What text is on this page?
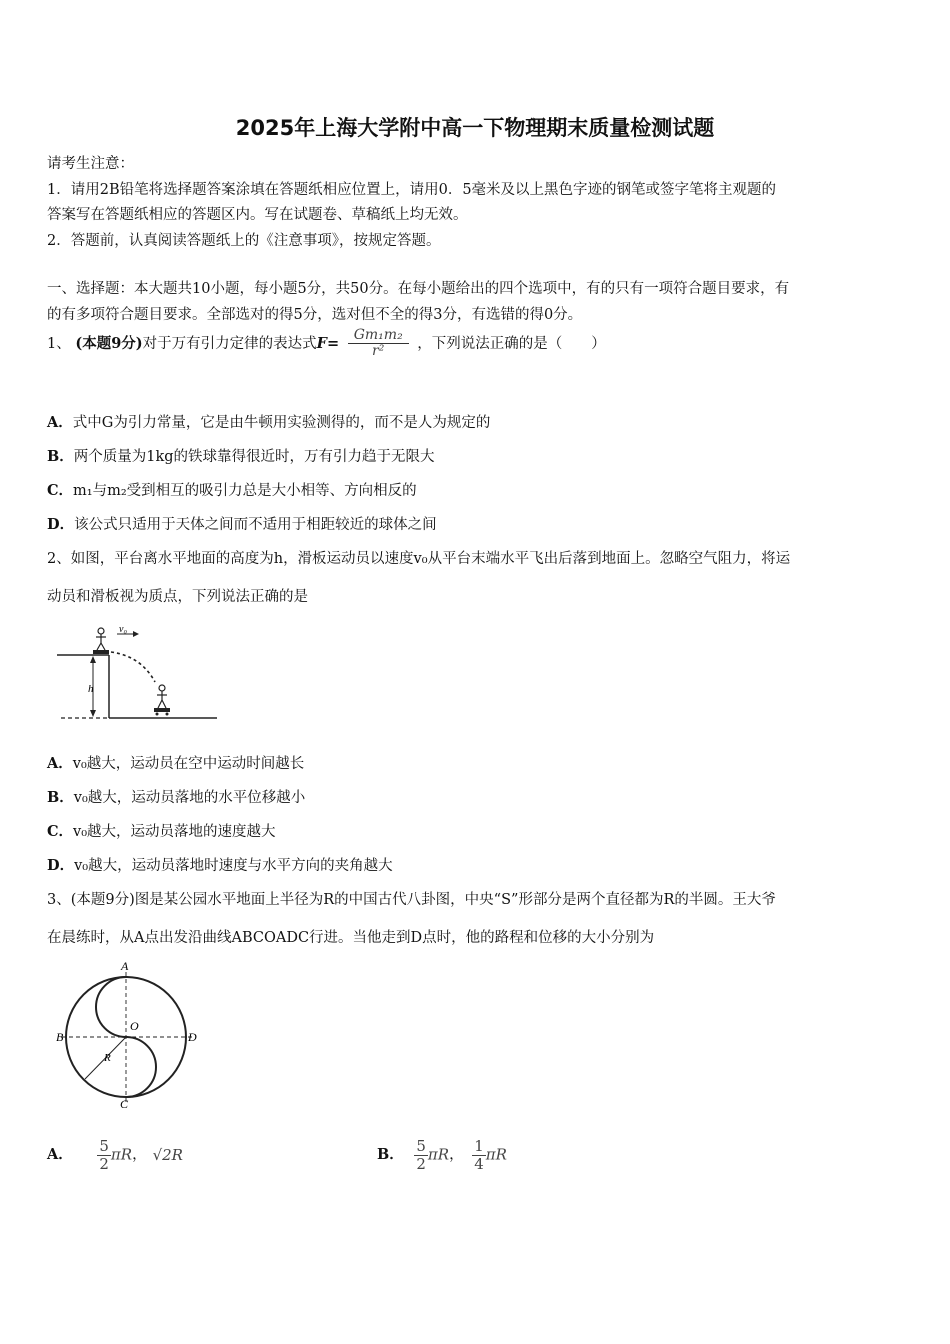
2025年上海大学附中高一下物理期末质量检测试题
请考生注意：
1．请用2B铅笔将选择题答案涂填在答题纸相应位置上，请用0．5毫米及以上黑色字迹的钢笔或签字笔将主观题的
答案写在答题纸相应的答题区内。写在试题卷、草稿纸上均无效。
2．答题前，认真阅读答题纸上的《注意事项》，按规定答题。
一、选择题：本大题共10小题，每小题5分，共50分。在每小题给出的四个选项中，有的只有一项符合题目要求，有
的有多项符合题目要求。全部选对的得5分，选对但不全的得3分，有选错的得0分。
1、 (本题9分)对于万有引力定律的表达式$F= \frac{\text{Gm₁m₂}}{\text{r²}}$ ，下列说法正确的是（　　）
A．式中G为引力常量，它是由牛顿用实验测得的，而不是人为规定的
B．两个质量为1kg的铁球靠得很近时，万有引力趋于无限大
C．m₁与m₂受到相互的吸引力总是大小相等、方向相反的
D．该公式只适用于天体之间而不适用于相距较近的球体之间
2、如图，平台离水平地面的高度为h，滑板运动员以速度v₀从平台末端水平飞出后落到地面上。忽略空气阻力，将运
动员和滑板视为质点，下列说法正确的是
h
v₀
A．v₀越大，运动员在空中运动时间越长
B．v₀越大，运动员落地的水平位移越小
C．v₀越大，运动员落地的速度越大
D．v₀越大，运动员落地时速度与水平方向的夹角越大
3、(本题9分)图是某公园水平地面上半径为R的中国古代八卦图，中央“S”形部分是两个直径都为R的半圆。王大爷
在晨练时，从A点出发沿曲线ABCOADC行进。当他走到D点时，他的路程和位移的大小分别为
A
B
C
D
O
R
A． $\frac{5}{2}$ πR， √2R	B． $\frac{5}{2}$ πR， $\frac{1}{4}$ πR
